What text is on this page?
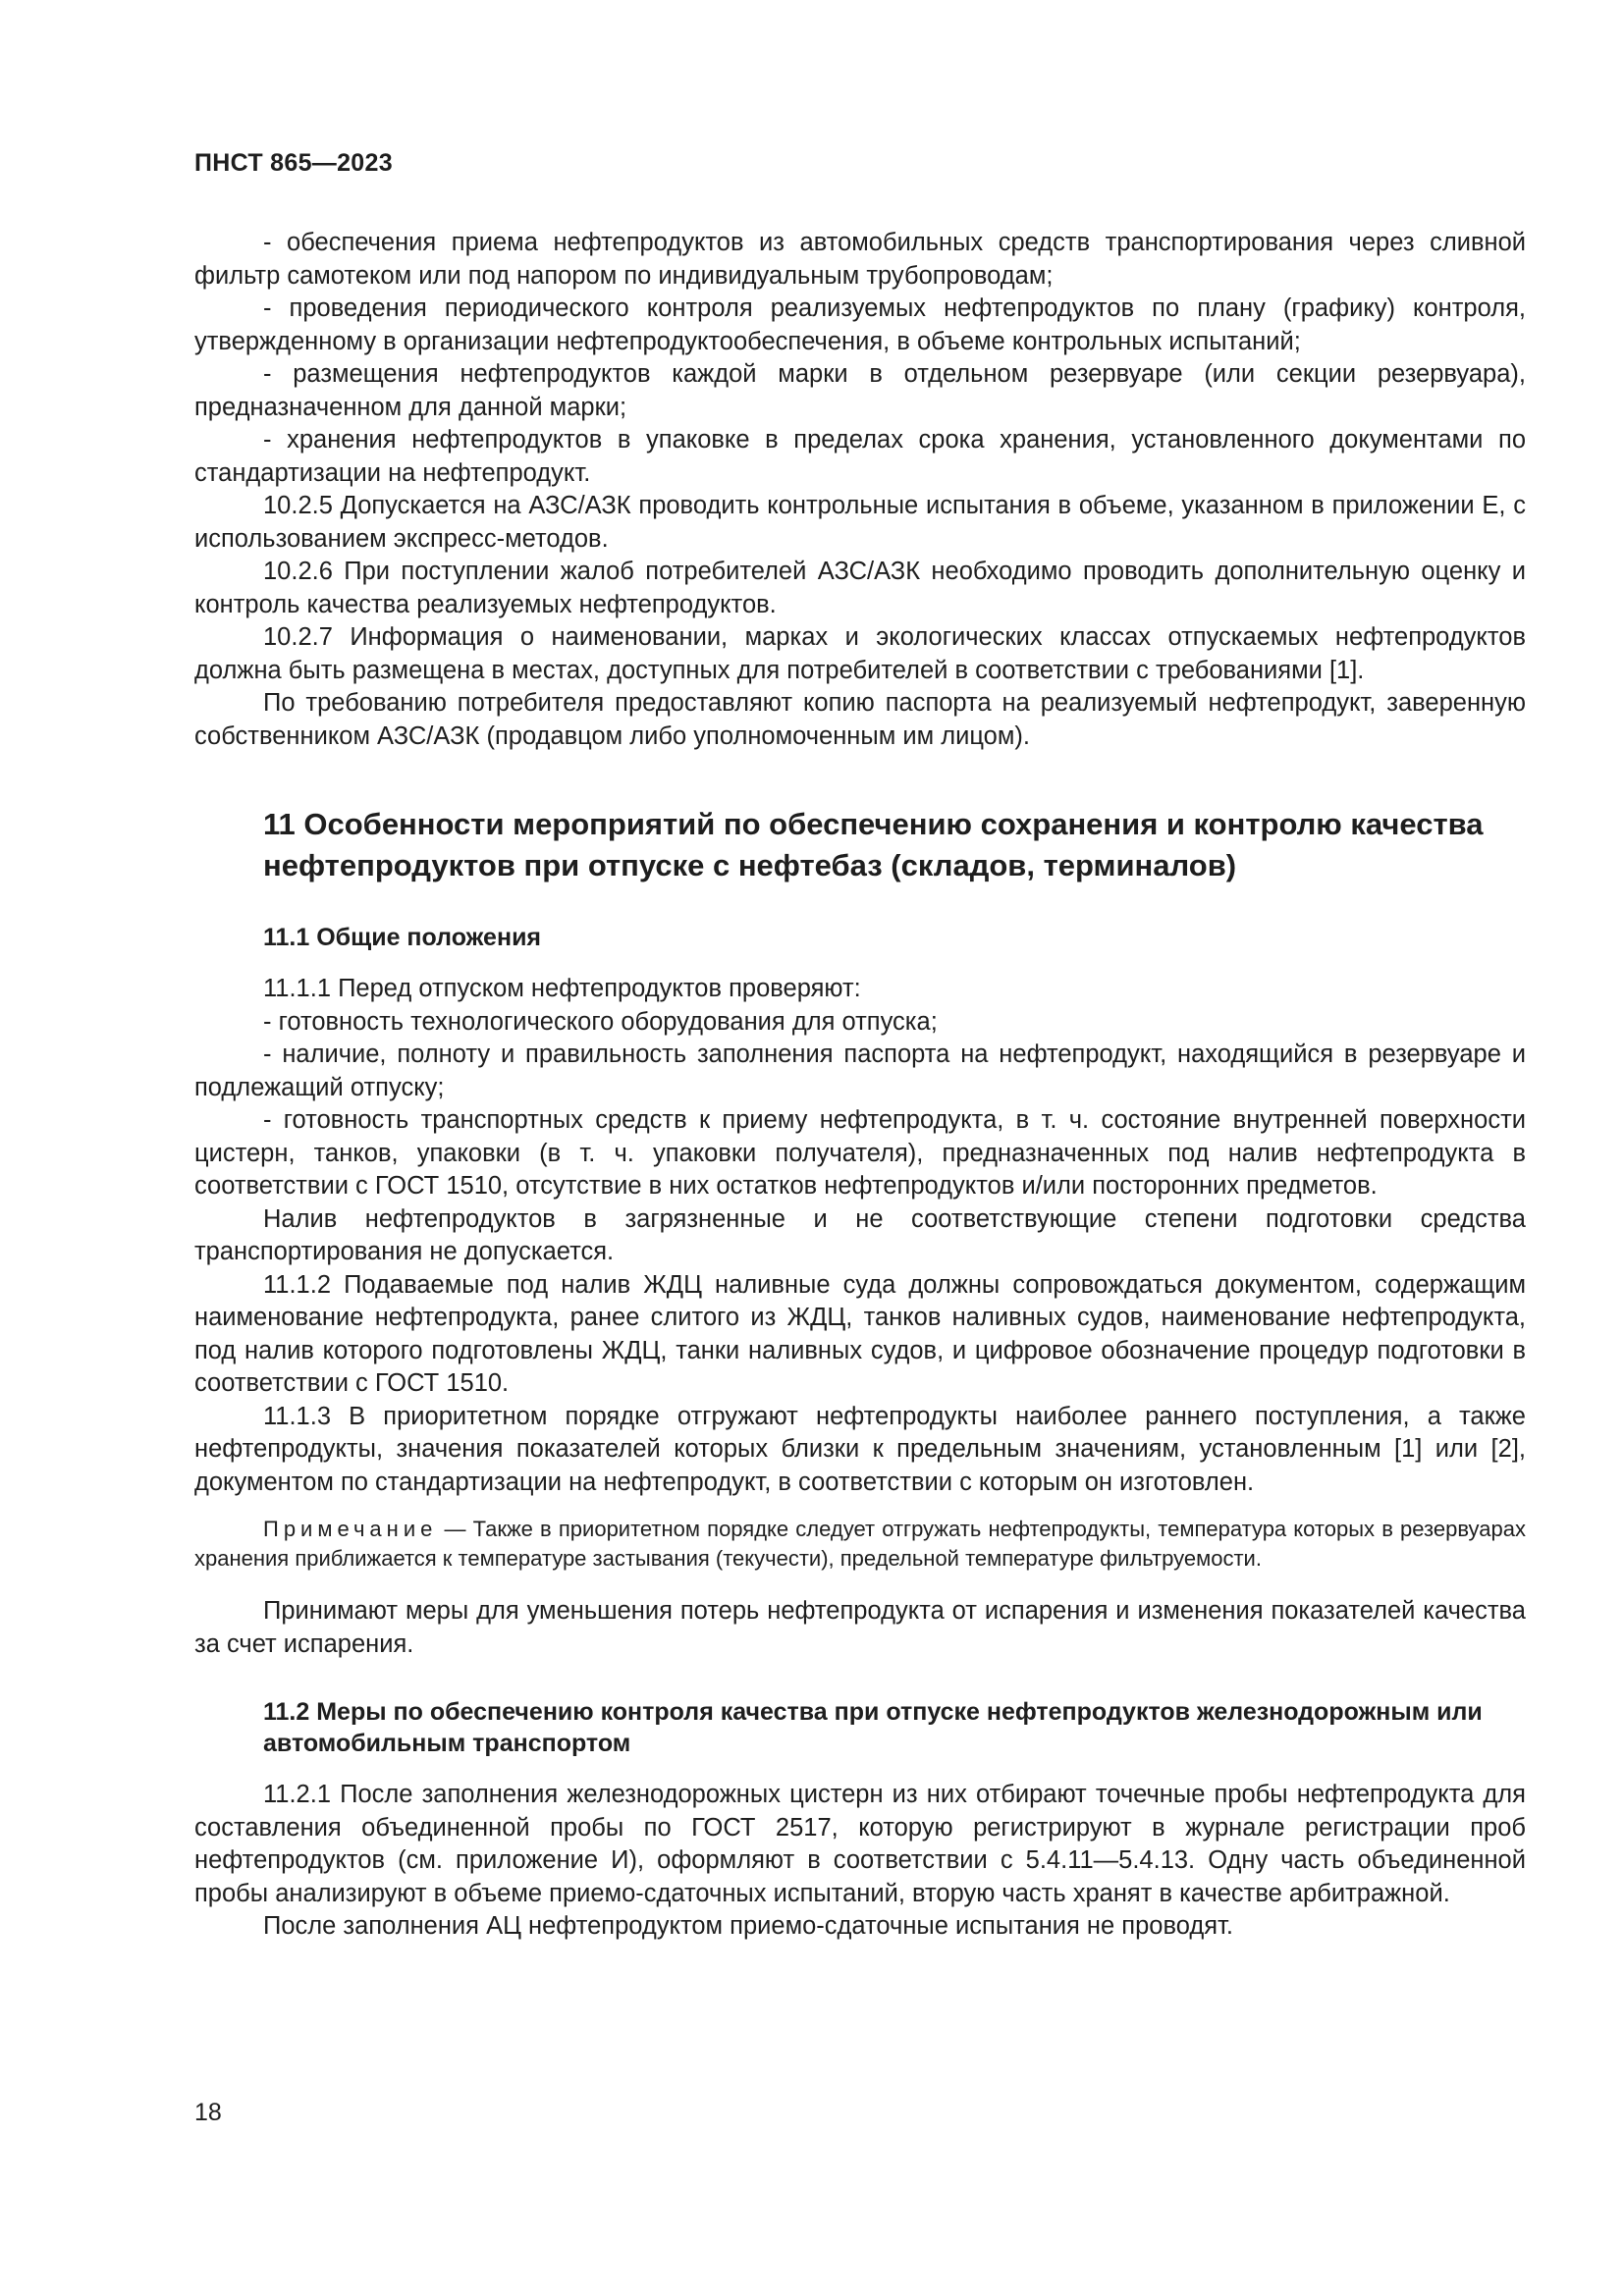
ПНСТ 865—2023

- обеспечения приема нефтепродуктов из автомобильных средств транспортирования через сливной фильтр самотеком или под напором по индивидуальным трубопроводам;

- проведения периодического контроля реализуемых нефтепродуктов по плану (графику) контроля, утвержденному в организации нефтепродуктообеспечения, в объеме контрольных испытаний;

- размещения нефтепродуктов каждой марки в отдельном резервуаре (или секции резервуара), предназначенном для данной марки;

- хранения нефтепродуктов в упаковке в пределах срока хранения, установленного документами по стандартизации на нефтепродукт.

10.2.5 Допускается на АЗС/АЗК проводить контрольные испытания в объеме, указанном в приложении Е, с использованием экспресс-методов.

10.2.6 При поступлении жалоб потребителей АЗС/АЗК необходимо проводить дополнительную оценку и контроль качества реализуемых нефтепродуктов.

10.2.7 Информация о наименовании, марках и экологических классах отпускаемых нефтепродуктов должна быть размещена в местах, доступных для потребителей в соответствии с требованиями [1].

По требованию потребителя предоставляют копию паспорта на реализуемый нефтепродукт, заверенную собственником АЗС/АЗК (продавцом либо уполномоченным им лицом).

11 Особенности мероприятий по обеспечению сохранения и контролю качества нефтепродуктов при отпуске с нефтебаз (складов, терминалов)
11.1 Общие положения

11.1.1 Перед отпуском нефтепродуктов проверяют:

- готовность технологического оборудования для отпуска;

- наличие, полноту и правильность заполнения паспорта на нефтепродукт, находящийся в резервуаре и подлежащий отпуску;

- готовность транспортных средств к приему нефтепродукта, в т. ч. состояние внутренней поверхности цистерн, танков, упаковки (в т. ч. упаковки получателя), предназначенных под налив нефтепродукта в соответствии с ГОСТ 1510, отсутствие в них остатков нефтепродуктов и/или посторонних предметов.

Налив нефтепродуктов в загрязненные и не соответствующие степени подготовки средства транспортирования не допускается.

11.1.2 Подаваемые под налив ЖДЦ наливные суда должны сопровождаться документом, содержащим наименование нефтепродукта, ранее слитого из ЖДЦ, танков наливных судов, наименование нефтепродукта, под налив которого подготовлены ЖДЦ, танки наливных судов, и цифровое обозначение процедур подготовки в соответствии с ГОСТ 1510.

11.1.3 В приоритетном порядке отгружают нефтепродукты наиболее раннего поступления, а также нефтепродукты, значения показателей которых близки к предельным значениям, установленным [1] или [2], документом по стандартизации на нефтепродукт, в соответствии с которым он изготовлен.

Примечание — Также в приоритетном порядке следует отгружать нефтепродукты, температура которых в резервуарах хранения приближается к температуре застывания (текучести), предельной температуре фильтруемости.

Принимают меры для уменьшения потерь нефтепродукта от испарения и изменения показателей качества за счет испарения.

11.2 Меры по обеспечению контроля качества при отпуске нефтепродуктов железнодорожным или автомобильным транспортом

11.2.1 После заполнения железнодорожных цистерн из них отбирают точечные пробы нефтепродукта для составления объединенной пробы по ГОСТ 2517, которую регистрируют в журнале регистрации проб нефтепродуктов (см. приложение И), оформляют в соответствии с 5.4.11—5.4.13. Одну часть объединенной пробы анализируют в объеме приемо-сдаточных испытаний, вторую часть хранят в качестве арбитражной.

После заполнения АЦ нефтепродуктом приемо-сдаточные испытания не проводят.

18
